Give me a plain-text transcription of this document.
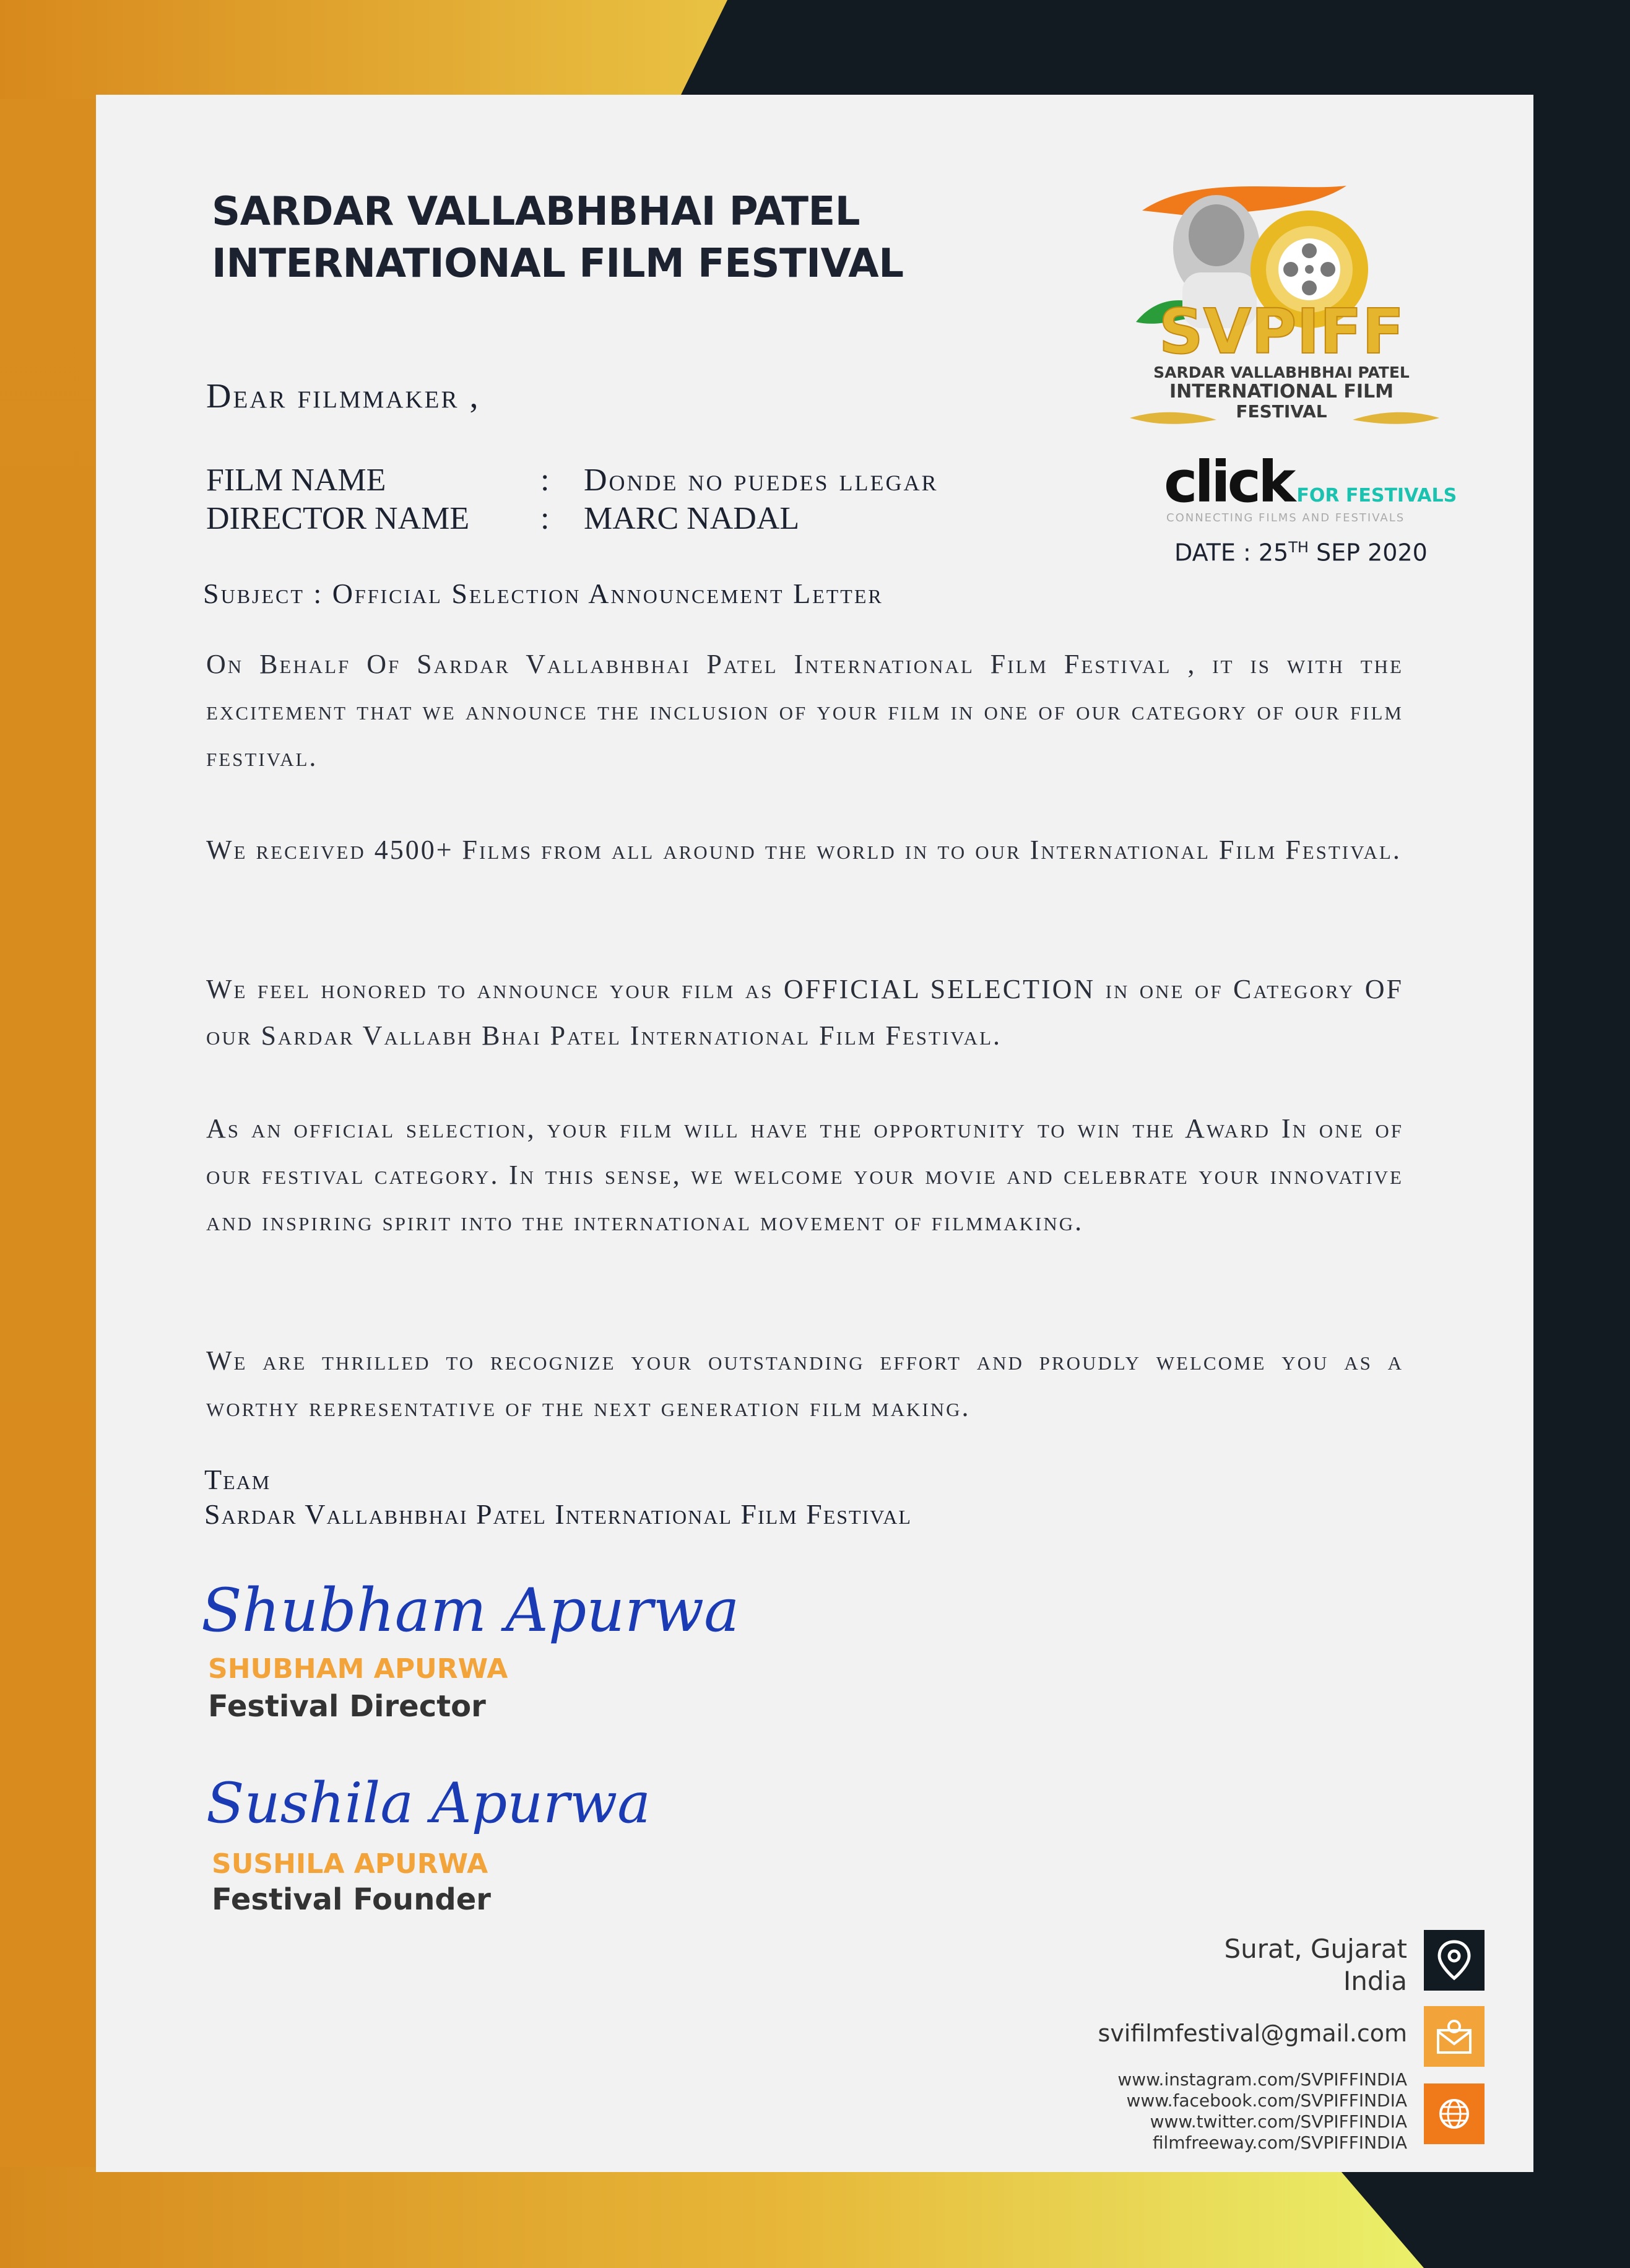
SARDAR VALLABHBHAI PATEL
INTERNATIONAL FILM FESTIVAL
SVPIFF
SARDAR VALLABHBHAI PATEL
INTERNATIONAL FILM
FESTIVAL
click FOR FESTIVALS
CONNECTING FILMS AND FESTIVALS
DATE : 25TH SEP 2020
Dear filmmaker ,
FILM NAME	:	Donde no puedes llegar
DIRECTOR NAME	:	MARC NADAL
Subject : Official Selection Announcement Letter
On Behalf Of Sardar Vallabhbhai Patel International Film Festival , it is with the excitement that we announce the inclusion of your film in one of our category of our film festival.
We received 4500+ Films from all around the world in to our International Film Festival.
We feel honored to announce your film as OFFICIAL SELECTION in one of Category OF our Sardar Vallabh Bhai Patel International Film Festival.
As an official selection, your film will have the opportunity to win the Award In one of our festival category. In this sense, we welcome your movie and celebrate your innovative and inspiring spirit into the international movement of filmmaking.
We are thrilled to recognize your outstanding effort and proudly welcome you as a worthy representative of the next generation film making.
Team
Sardar Vallabhbhai Patel International Film Festival
Shubham Apurwa
SHUBHAM APURWA
Festival Director
Sushila Apurwa
SUSHILA APURWA
Festival Founder
Surat, Gujarat
India
svifilmfestival@gmail.com
www.instagram.com/SVPIFFINDIA
www.facebook.com/SVPIFFINDIA
www.twitter.com/SVPIFFINDIA
filmfreeway.com/SVPIFFINDIA
